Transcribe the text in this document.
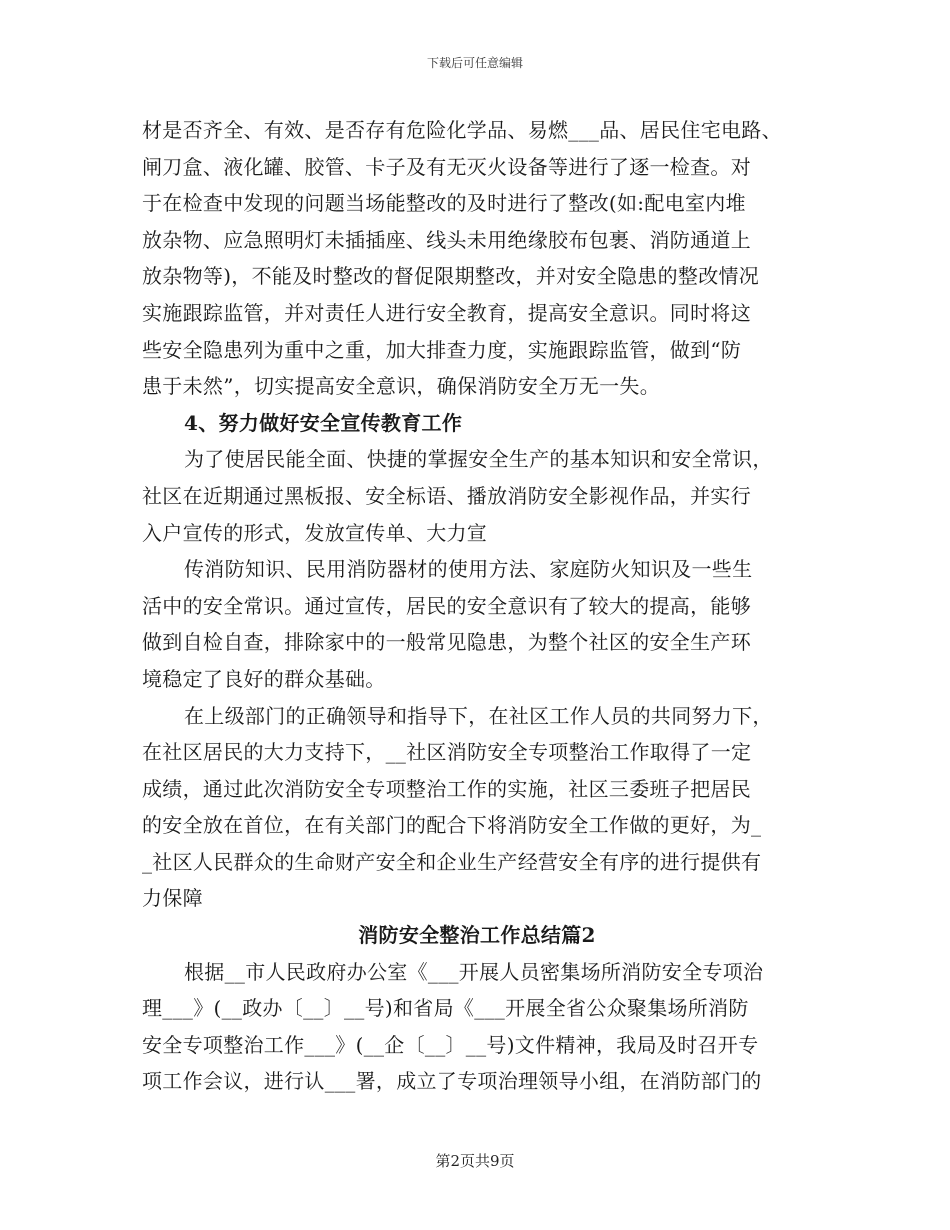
下载后可任意编辑
材是否齐全、有效、是否存有危险化学品、易燃___品、居民住宅电路、
闸刀盒、液化罐、胶管、卡子及有无灭火设备等进行了逐一检查。对
于在检查中发现的问题当场能整改的及时进行了整改(如:配电室内堆
放杂物、应急照明灯未插插座、线头未用绝缘胶布包裹、消防通道上
放杂物等)，不能及时整改的督促限期整改，并对安全隐患的整改情况
实施跟踪监管，并对责任人进行安全教育，提高安全意识。同时将这
些安全隐患列为重中之重，加大排查力度，实施跟踪监管，做到“防
患于未然”，切实提高安全意识，确保消防安全万无一失。
4、努力做好安全宣传教育工作
为了使居民能全面、快捷的掌握安全生产的基本知识和安全常识，
社区在近期通过黑板报、安全标语、播放消防安全影视作品，并实行
入户宣传的形式，发放宣传单、大力宣
传消防知识、民用消防器材的使用方法、家庭防火知识及一些生
活中的安全常识。通过宣传，居民的安全意识有了较大的提高，能够
做到自检自查，排除家中的一般常见隐患，为整个社区的安全生产环
境稳定了良好的群众基础。
在上级部门的正确领导和指导下，在社区工作人员的共同努力下，
在社区居民的大力支持下，__社区消防安全专项整治工作取得了一定
成绩，通过此次消防安全专项整治工作的实施，社区三委班子把居民
的安全放在首位，在有关部门的配合下将消防安全工作做的更好，为_
_社区人民群众的生命财产安全和企业生产经营安全有序的进行提供有
力保障
消防安全整治工作总结篇2
根据__市人民政府办公室《___开展人员密集场所消防安全专项治
理___》(__政办〔__〕__号)和省局《___开展全省公众聚集场所消防
安全专项整治工作___》(__企〔__〕__号)文件精神，我局及时召开专
项工作会议，进行认___署，成立了专项治理领导小组，在消防部门的
第2页共9页
